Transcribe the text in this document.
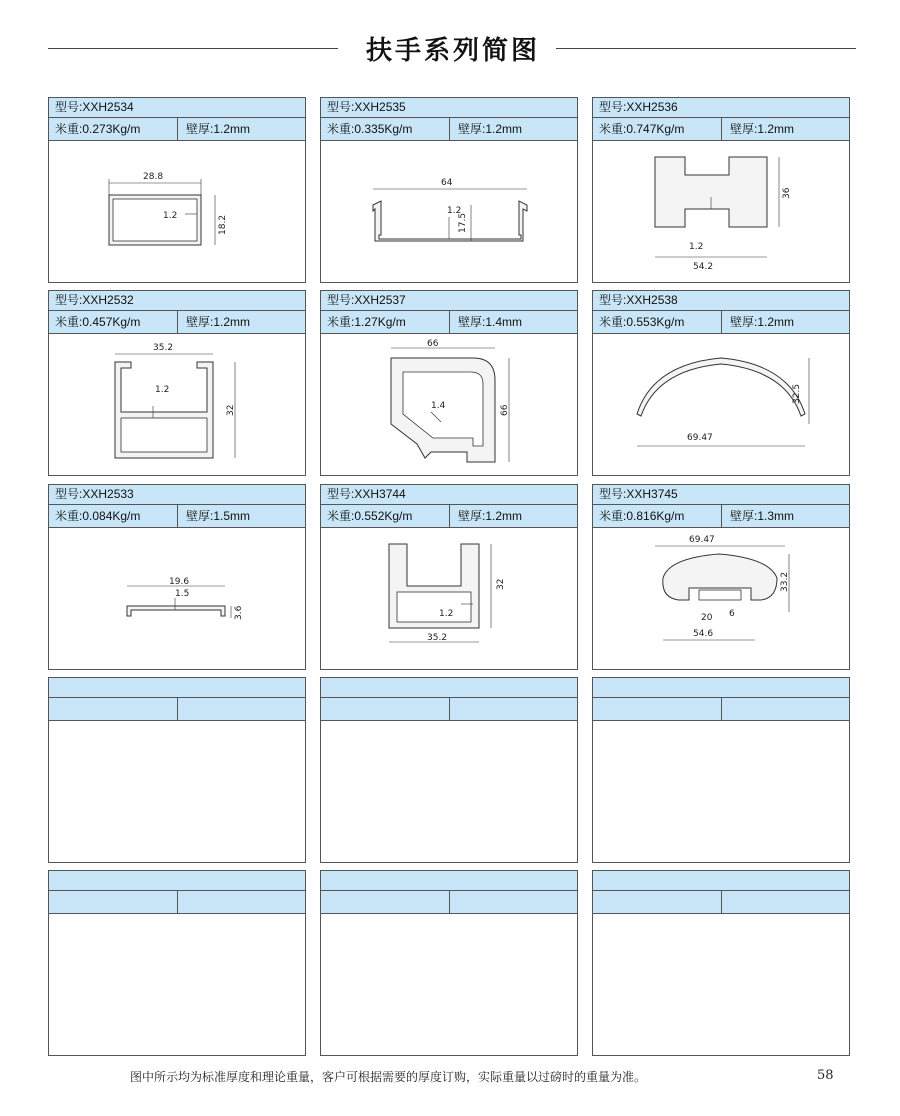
扶手系列简图
型号:XXH2534
米重:0.273Kg/m	壁厚:1.2mm
28.8
1.2	18.2
型号:XXH2535
米重:0.335Kg/m	壁厚:1.2mm
64
1.2
17.5
型号:XXH2536
米重:0.747Kg/m	壁厚:1.2mm
36
1.2
54.2
型号:XXH2532
米重:0.457Kg/m	壁厚:1.2mm
35.2
1.2
32
型号:XXH2537
米重:1.27Kg/m	壁厚:1.4mm
66
1.4	66
型号:XXH2538
米重:0.553Kg/m	壁厚:1.2mm
32.5
69.47
型号:XXH2533
米重:0.084Kg/m	壁厚:1.5mm
19.6
1.5
3.6
型号:XXH3744
米重:0.552Kg/m	壁厚:1.2mm
32
1.2
35.2
型号:XXH3745
米重:0.816Kg/m	壁厚:1.3mm
69.47
33.2
20 6
54.6
图中所示均为标准厚度和理论重量，客户可根据需要的厚度订购，实际重量以过磅时的重量为准。	58
